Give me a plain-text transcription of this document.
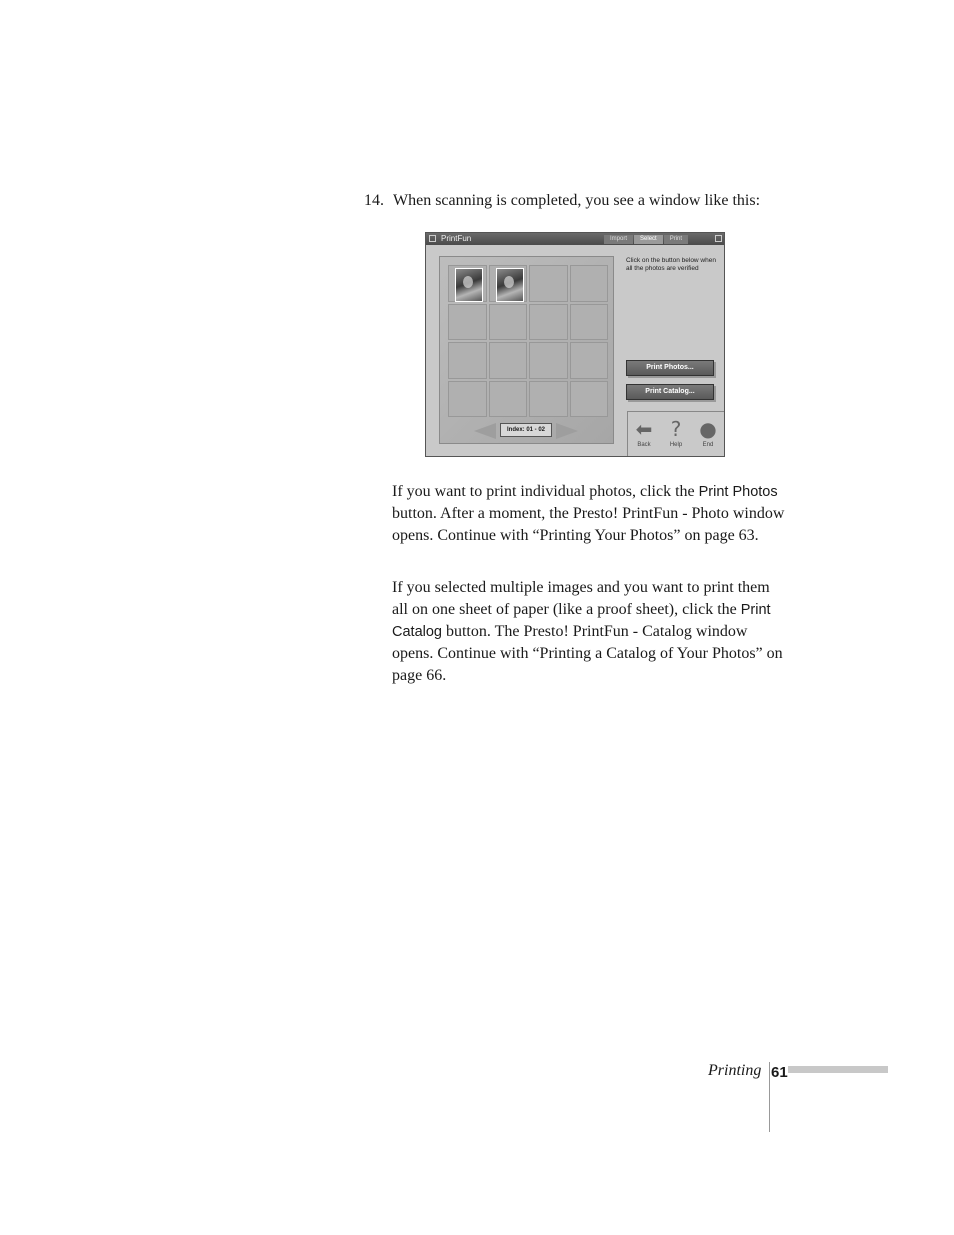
14. When scanning is completed, you see a window like this:
PrintFun	Import	Select	Print
Index: 01 - 02
Click on the button below when all the photos are verified
Print Photos...
Print Catalog...
⬅
Back
?
Help
●
End

If you want to print individual photos, click the Print Photos button. After a moment, the Presto! PrintFun - Photo window opens. Continue with “Printing Your Photos” on page 63.

If you selected multiple images and you want to print them all on one sheet of paper (like a proof sheet), click the Print Catalog button. The Presto! PrintFun - Catalog window opens. Continue with “Printing a Catalog of Your Photos” on page 66.

Printing 61
